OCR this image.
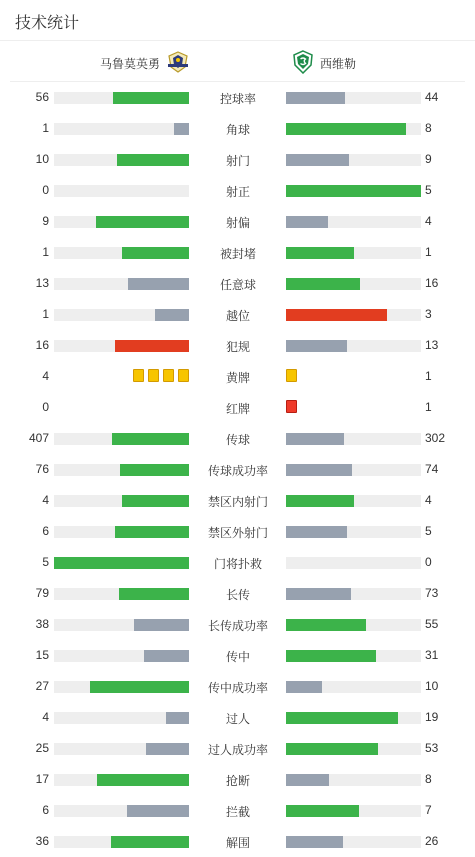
技术统计
马鲁莫英勇	西维勒
56	控球率	44
1	角球	8
10	射门	9
0	射正	5
9	射偏	4
1	被封堵	1
13	任意球	16
1	越位	3
16	犯规	13
4	黄牌	1
0	红牌	1
407	传球	302
76	传球成功率	74
4	禁区内射门	4
6	禁区外射门	5
5	门将扑救	0
79	长传	73
38	长传成功率	55
15	传中	31
27	传中成功率	10
4	过人	19
25	过人成功率	53
17	抢断	8
6	拦截	7
36	解围	26
